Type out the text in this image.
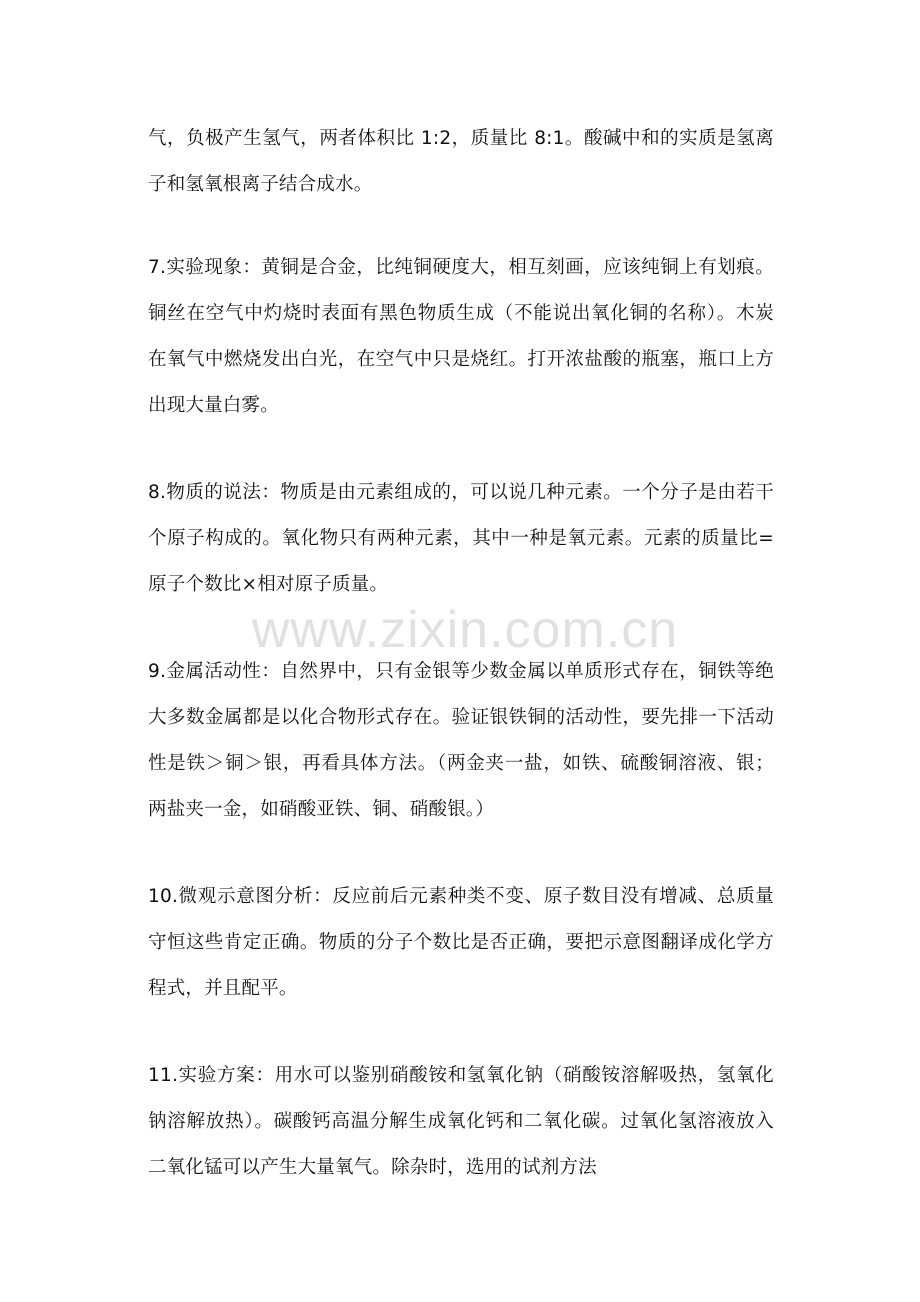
气，负极产生氢气，两者体积比 1:2，质量比 8:1。酸碱中和的实质是氢离子和氢氧根离子结合成水。

7.实验现象：黄铜是合金，比纯铜硬度大，相互刻画，应该纯铜上有划痕。铜丝在空气中灼烧时表面有黑色物质生成（不能说出氧化铜的名称）。木炭在氧气中燃烧发出白光，在空气中只是烧红。打开浓盐酸的瓶塞，瓶口上方出现大量白雾。

8.物质的说法：物质是由元素组成的，可以说几种元素。一个分子是由若干个原子构成的。氧化物只有两种元素，其中一种是氧元素。元素的质量比=原子个数比×相对原子质量。

9.金属活动性：自然界中，只有金银等少数金属以单质形式存在，铜铁等绝大多数金属都是以化合物形式存在。验证银铁铜的活动性，要先排一下活动性是铁＞铜＞银，再看具体方法。（两金夹一盐，如铁、硫酸铜溶液、银；两盐夹一金，如硝酸亚铁、铜、硝酸银。）

10.微观示意图分析：反应前后元素种类不变、原子数目没有增减、总质量守恒这些肯定正确。物质的分子个数比是否正确，要把示意图翻译成化学方程式，并且配平。

11.实验方案：用水可以鉴别硝酸铵和氢氧化钠（硝酸铵溶解吸热，氢氧化钠溶解放热）。碳酸钙高温分解生成氧化钙和二氧化碳。过氧化氢溶液放入二氧化锰可以产生大量氧气。除杂时，选用的试剂方法

www.zixin.com.cn
